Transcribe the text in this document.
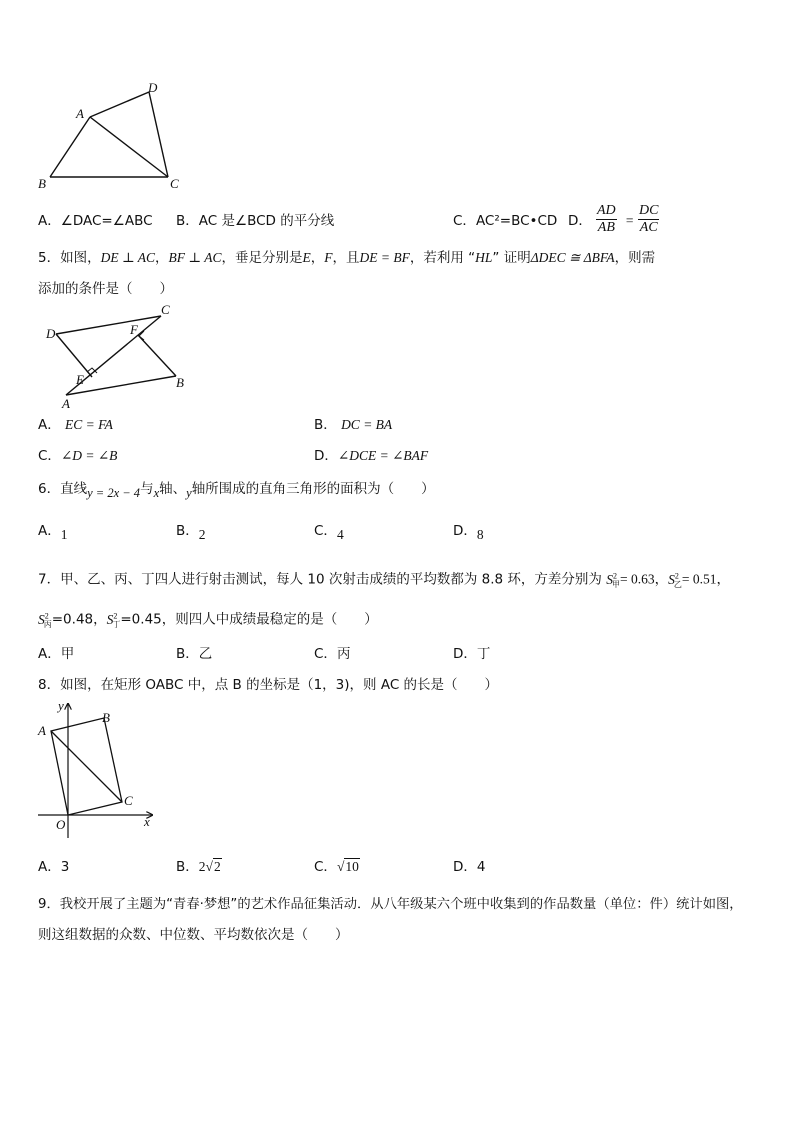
A
B	C
D
A．∠DAC=∠ABC B．AC 是∠BCD 的平分线	C．AC²=BC•CD D． $\frac{AD}{AB} = \frac{DC}{AC}$
5．如图，DE ⊥ AC，BF ⊥ AC，垂足分别是E，F，且DE = BF，若利用 “HL” 证明ΔDEC ≅ ΔBFA，则需
添加的条件是（　　）
D
C
F
E
A
B
A． EC = FA	B． DC = BA
C．∠D = ∠B	D．∠DCE = ∠BAF
6．直线y = 2x − 4与x轴、y轴所围成的直角三角形的面积为（　　）
A．1	B．2	C．4	D．8
7．甲、乙、丙、丁四人进行射击测试，每人 10 次射击成绩的平均数都为 8.8 环，方差分别为 $S^2_甲= 0.63$，$S^2_乙= 0.51$，
$S^2_丙=0.48$，$S^2_丁=0.45$，则四人中成绩最稳定的是（　　）
A．甲	B．乙	C．丙	D．丁
8．如图，在矩形 OABC 中，点 B 的坐标是（1，3)，则 AC 的长是（　　）
y
A
B
C
O	x
A．3	B．2√2	C．√10	D．4
9．我校开展了主题为“青春·梦想”的艺术作品征集活动．从八年级某六个班中收集到的作品数量（单位：件）统计如图，
则这组数据的众数、中位数、平均数依次是（　　）
